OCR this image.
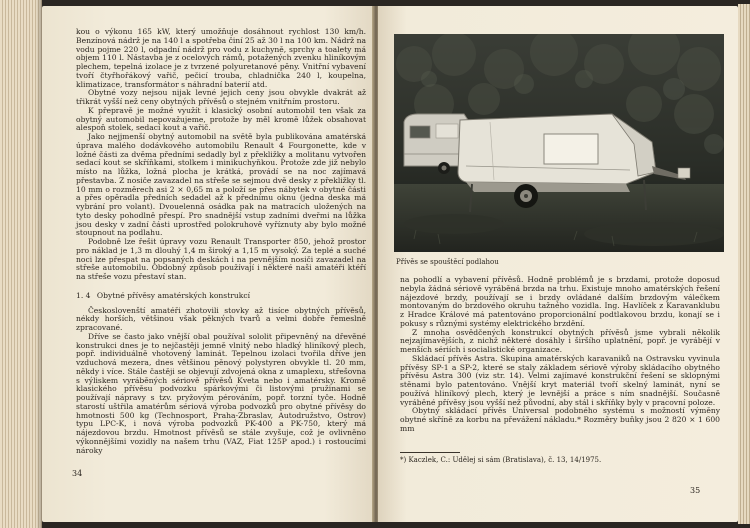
kou o výkonu 165 kW, který umožňuje dosáhnout rychlost 130 km/h. Benzínová nádrž je na 140 l a spotřeba činí 25 až 30 l na 100 km. Nádrž na vodu pojme 220 l, odpadní nádrž pro vodu z kuchyně, sprchy a toalety má objem 110 l. Nástavba je z ocelových rámů, potažených zvenku hliníkovým plechem, tepelná izolace je z tvrzené polyuretanové pěny. Vnitřní vybavení tvoří čtyřhořákový vařič, pečicí trouba, chladnička 240 l, koupelna, klimatizace, transformátor s náhradní baterií atd.

Obytné vozy nejsou nijak levné jejich ceny jsou obvykle dvakrát až třikrát vyšší než ceny obytných přívěsů o stejném vnitřním prostoru.

K přepravě je možné využít i klasický osobní automobil ten však za obytný automobil nepovažujeme, protože by měl kromě lůžek obsahovat alespoň stolek, sedací kout a vařič.

Jako nejjmenší obytný automobil na světě byla publikována amatérská úprava malého dodávkového automobilu Renault 4 Fourgonette, kde v ložné části za dvěma předními sedadly byl z překližky a molitanu vytvořen sedací kout se skříňkami, stolkem i minikuchyňkou. Protože zde již nebylo místo na lůžka, ložná plocha je krátká, provádí se na noc zajímavá přestavba. Z nosiče zavazadel na střeše se sejmou dvě desky z překližky tl. 10 mm o rozměrech asi 2 × 0,65 m a položí se přes nábytek v obytné části a přes opěradla předních sedadel až k přednímu oknu (jedna deska má vybrání pro volant). Dvouelenná osádka pak na matracích uložených na tyto desky pohodlně přespí. Pro snadnější vstup zadními dveřmi na lůžka jsou desky v zadní části uprostřed polokruhově vyříznuty aby bylo možné stoupnout na podlahu.

Podobně lze řešit úpravy vozu Renault Transporter 850, jehož prostor pro náklad je 1,3 m dlouhý 1,4 m široký a 1,15 m vysoký. Za teplé a suché noci lze přespat na popsaných deskách i na pevnějším nosiči zavazadel na střeše automobilu. Obdobný způsob používají i některé naši amatéři ktéří na střeše vozu přestaví stan.

1. 4 Obytné přívěsy amatérských konstrukcí

Českoslovenští amatéři zhotovili stovky až tisíce obytných přívěsů, nékdy horších, většinou však pěkných tvarů a velmi dobře řemeslně zpracované.

Dříve se často jako vnější obal používal sololit připevněný na dřevěné konstrukci dnes je to nejčastěji jemně vlnitý nebo hladký hliníkový plech, popř. individuálně vhotovený laminát. Tepelnou izolaci tvořila dříve jen vzduchová mezera, dnes většinou pěnový polystyren obvykle tl. 20 mm, někdy i více. Stále častěji se objevují zdvojená okna z umaplexu, střešovna s výliskem vyráběných sériově přívěsů Kvetа nebo i amatérsky. Kromě klasického přívěsu podvozku spárkovými či listovými pružinami se používají nápravy s tzv. pryžovým pérováním, popř. torzní tyče. Hodně starostí uštřila amatérům sériová výroba podvozků pro obytné přívěsy do hmotnosti 500 kg (Technosport, Praha-Zbraslav, Autodružstvo, Ostrov) typu LPC-K, i nová výroba podvozků PK-400 a PK-750, který má nájezdovou brzdu. Hmotnost přívěsů se stále zvyšuje, což je ovlivněno výkonnějšími vozidly na našem trhu (VAZ, Fiat 125P apod.) i rostoucími nároky

34
Přívěs se spouštěcí podlahou

na pohodlí a vybavení přívěsů. Hodně problémů je s brzdami, protože doposud nebyla žádná sériově vyráběná brzda na trhu. Existuje mnoho amatérských řešení nájezdové brzdy, používají se i brzdy ovládané dalším brzdovým válečkem montovaným do brzdového okruhu tažného vozidla. Ing. Havlíček z Karavanklubu z Hradce Králové má patentováno proporcionální podtlakovou brzdu, konají se i pokusy s různými systémy elektrického brzdění.

Z mnoha osvědčených konstrukcí obytných přívěsů jsme vybrali několik nejzajímavějších, z nichž některé dosáhly i širšího uplatnění, popř. je vyrábějí v menších sériích i socialistické organizace.

Skládací přívěs Astra. Skupina amatérských karavaniků na Ostravsku vyvinula přívěsy SP-1 a SP-2, které se staly základem sériově výroby skládacího obytného přívěsu Astra 300 (viz str. 14). Velmi zajímavé konstrukční řešení se sklopnými stěnami bylo patentováno. Vnější kryt materiál tvoří skelný laminát, nyní se používá hliníkový plech, který je levnější a práce s ním snadnější. Současně vyráběné přívěsy jsou vyšší než původní, aby stál i skříňky byly v pracovní poloze.

Obytný skládací přívěs Universal podobného systému s možností výměny obytné skříně za korbu na převážení nákladu.* Rozměry buňky jsou 2 820 × 1 600 mm

*) Kaczlek, C.: Udělej si sám (Bratislava), č. 13, 14/1975.
35
